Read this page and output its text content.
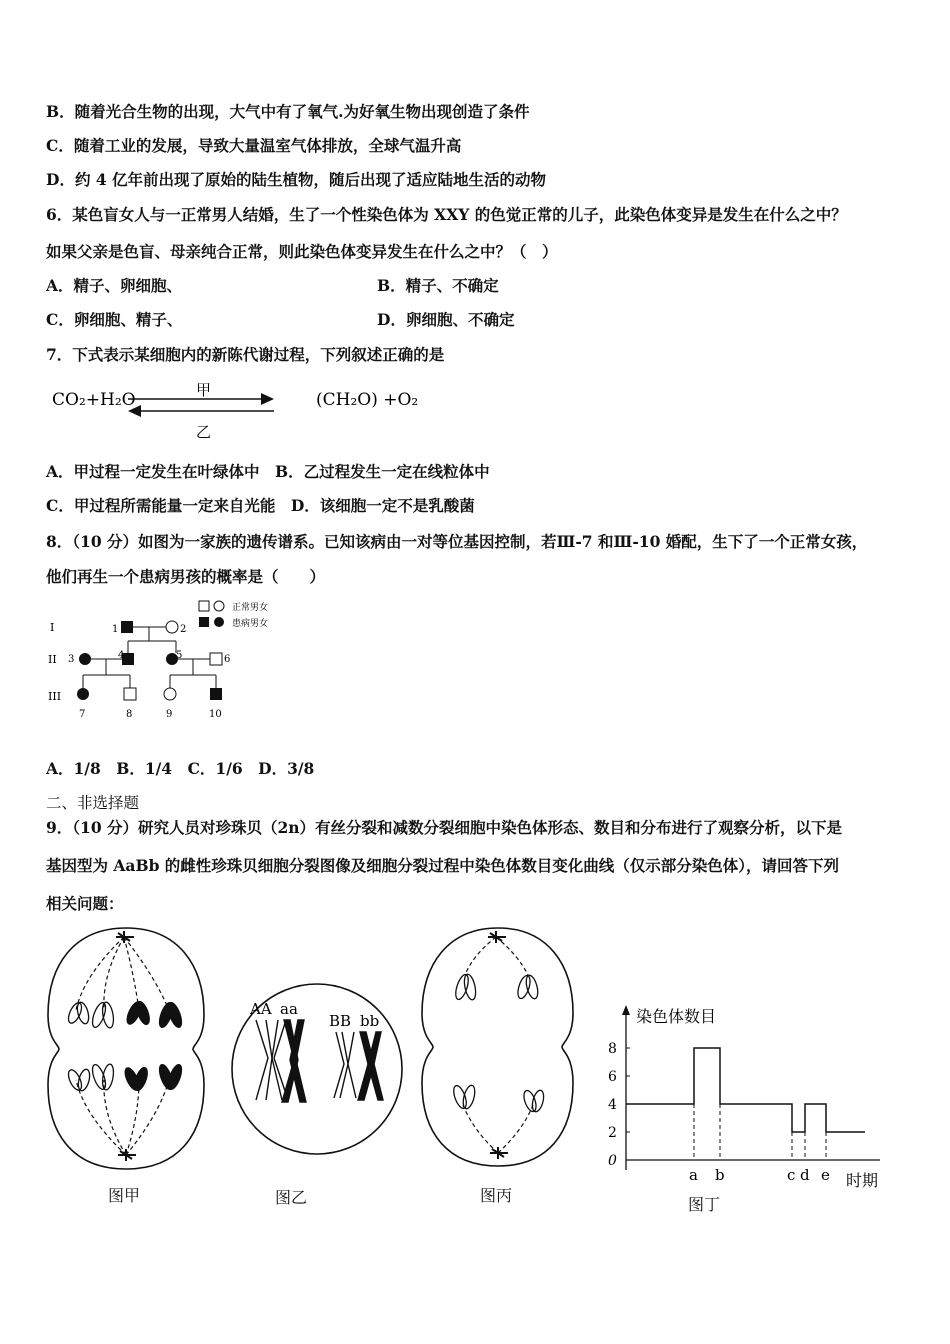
B．随着光合生物的出现，大气中有了氧气.为好氧生物出现创造了条件
C．随着工业的发展，导致大量温室气体排放，全球气温升高
D．约 4 亿年前出现了原始的陆生植物，随后出现了适应陆地生活的动物
6．某色盲女人与一正常男人结婚，生了一个性染色体为 XXY 的色觉正常的儿子，此染色体变异是发生在什么之中？
如果父亲是色盲、母亲纯合正常，则此染色体变异发生在什么之中？（　）
A．精子、卵细胞、	B．精子、不确定
C．卵细胞、精子、	D．卵细胞、不确定
7．下式表示某细胞内的新陈代谢过程，下列叙述正确的是
CO₂+H₂O	甲
乙
(CH₂O) +O₂
A．甲过程一定发生在叶绿体中　B．乙过程发生一定在线粒体中
C．甲过程所需能量一定来自光能　D．该细胞一定不是乳酸菌
8．（10 分）如图为一家族的遗传谱系。已知该病由一对等位基因控制，若Ⅲ-7 和Ⅲ-10 婚配，生下了一个正常女孩，
他们再生一个患病男孩的概率是（　　）
正常男女
患病男女
I
II
III
1	2
3	4	5	6
7	8	9	10
A．1/8　B．1/4　C．1/6　D．3/8
二、非选择题
9．（10 分）研究人员对珍珠贝（2n）有丝分裂和减数分裂细胞中染色体形态、数目和分布进行了观察分析，以下是
基因型为 AaBb 的雌性珍珠贝细胞分裂图像及细胞分裂过程中染色体数目变化曲线（仅示部分染色体），请回答下列
相关问题：
图甲
AA aa
BB bb
图乙	图丙
染色体数目
时期
8
6
4
2
0
a b	c d e
图丁
